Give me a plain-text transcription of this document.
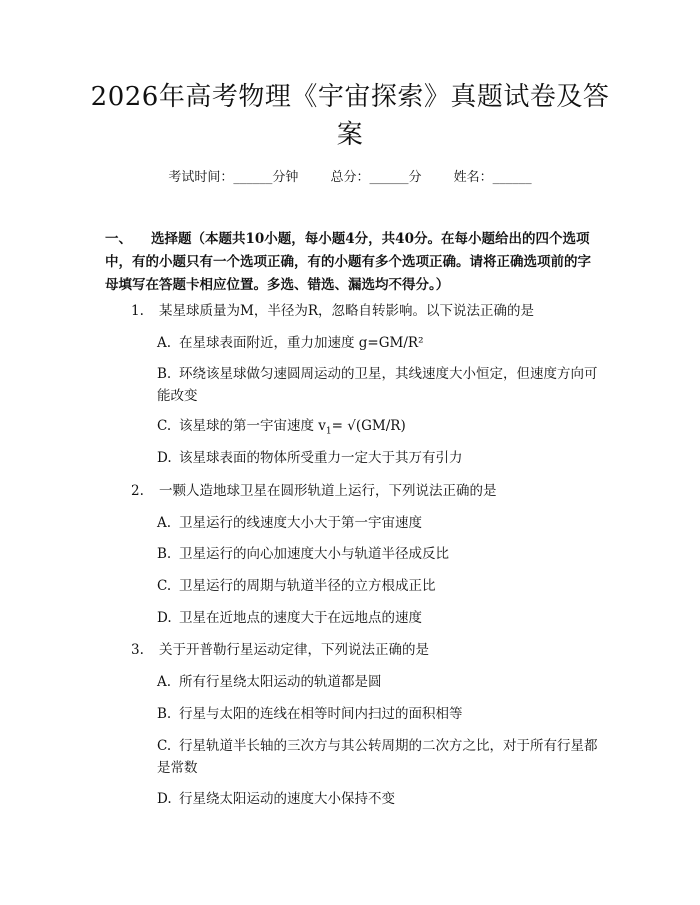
2026年高考物理《宇宙探索》真题试卷及答案
考试时间：______分钟 总分：______分 姓名：______

一、 选择题（本题共10小题，每小题4分，共40分。在每小题给出的四个选项中，有的小题只有一个选项正确，有的小题有多个选项正确。请将正确选项前的字母填写在答题卡相应位置。多选、错选、漏选均不得分。）

1. 某星球质量为M，半径为R，忽略自转影响。以下说法正确的是

A. 在星球表面附近，重力加速度 g=GM/R²

B. 环绕该星球做匀速圆周运动的卫星，其线速度大小恒定，但速度方向可能改变

C. 该星球的第一宇宙速度 $v_1= √(GM/R)$

D. 该星球表面的物体所受重力一定大于其万有引力

2. 一颗人造地球卫星在圆形轨道上运行，下列说法正确的是

A. 卫星运行的线速度大小大于第一宇宙速度

B. 卫星运行的向心加速度大小与轨道半径成反比

C. 卫星运行的周期与轨道半径的立方根成正比

D. 卫星在近地点的速度大于在远地点的速度

3. 关于开普勒行星运动定律，下列说法正确的是

A. 所有行星绕太阳运动的轨道都是圆

B. 行星与太阳的连线在相等时间内扫过的面积相等

C. 行星轨道半长轴的三次方与其公转周期的二次方之比，对于所有行星都是常数

D. 行星绕太阳运动的速度大小保持不变
